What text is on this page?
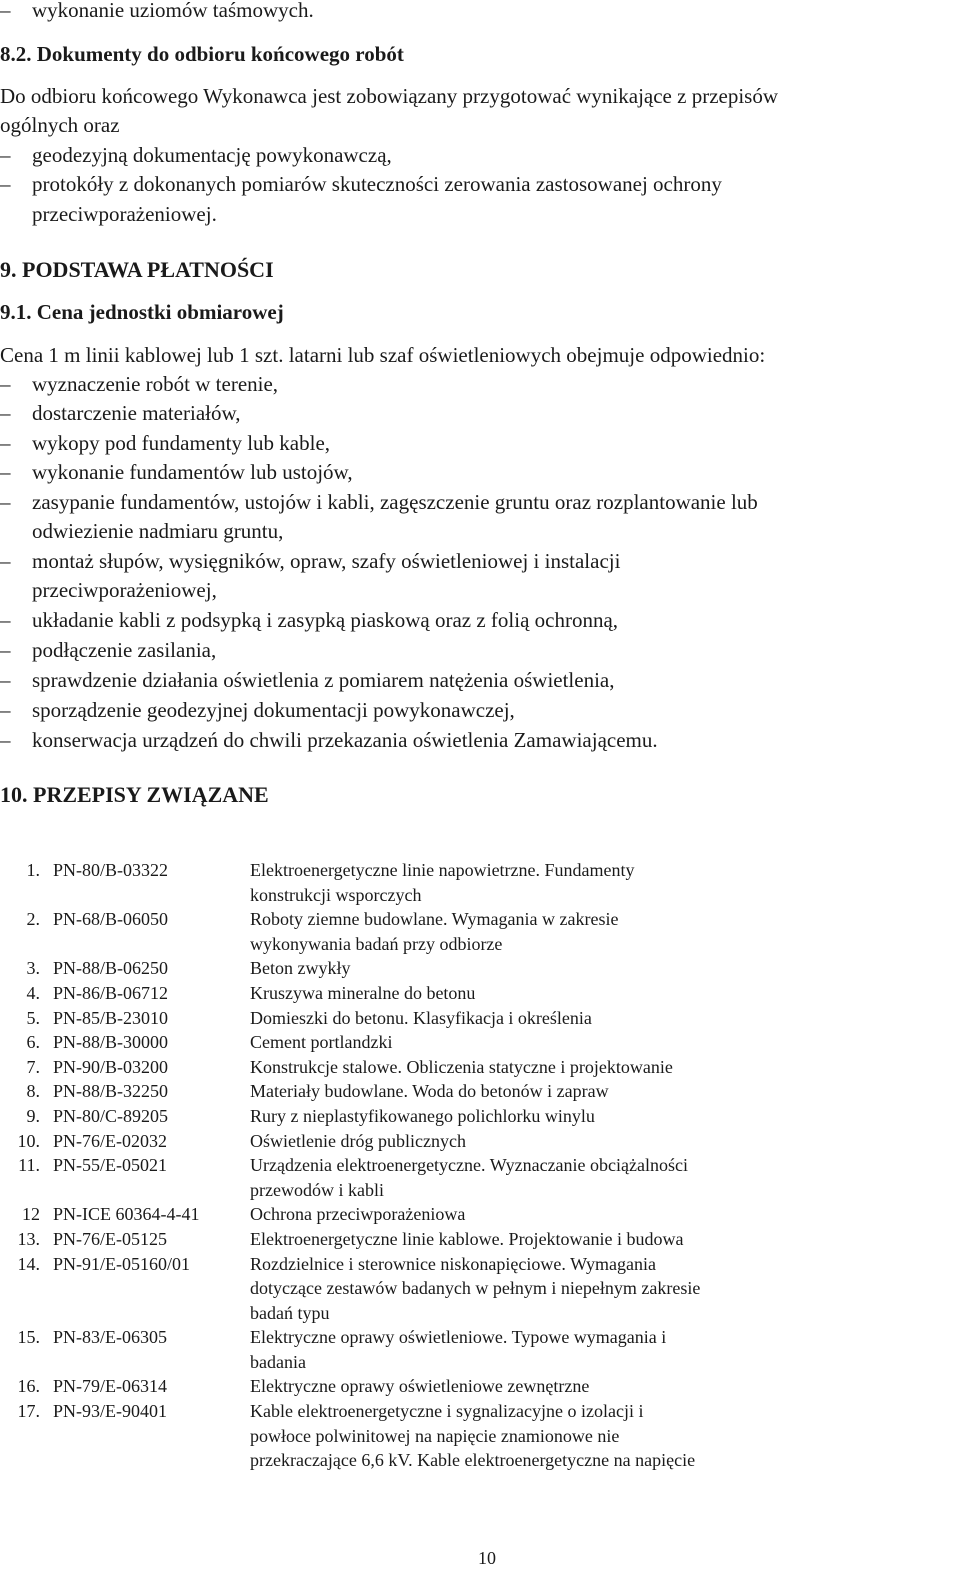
– wykonanie uziomów taśmowych.
8.2. Dokumenty do odbioru końcowego robót
Do odbioru końcowego Wykonawca jest zobowiązany przygotować wynikające z przepisów
ogólnych oraz
– geodezyjną dokumentację powykonawczą,
– protokóły z dokonanych pomiarów skuteczności zerowania zastosowanej ochrony
przeciwporażeniowej.
9. PODSTAWA PŁATNOŚCI
9.1. Cena jednostki obmiarowej
Cena 1 m linii kablowej lub 1 szt. latarni lub szaf oświetleniowych obejmuje odpowiednio:
– wyznaczenie robót w terenie,
– dostarczenie materiałów,
– wykopy pod fundamenty lub kable,
– wykonanie fundamentów lub ustojów,
– zasypanie fundamentów, ustojów i kabli, zagęszczenie gruntu oraz rozplantowanie lub
odwiezienie nadmiaru gruntu,
– montaż słupów, wysięgników, opraw, szafy oświetleniowej i instalacji
przeciwporażeniowej,
– układanie kabli z podsypką i zasypką piaskową oraz z folią ochronną,
– podłączenie zasilania,
– sprawdzenie działania oświetlenia z pomiarem natężenia oświetlenia,
– sporządzenie geodezyjnej dokumentacji powykonawczej,
– konserwacja urządzeń do chwili przekazania oświetlenia Zamawiającemu.
10. PRZEPISY ZWIĄZANE
1. PN-80/B-03322	Elektroenergetyczne linie napowietrzne. Fundamenty
konstrukcji wsporczych
2. PN-68/B-06050	Roboty ziemne budowlane. Wymagania w zakresie
wykonywania badań przy odbiorze
3. PN-88/B-06250	Beton zwykły
4. PN-86/B-06712	Kruszywa mineralne do betonu
5. PN-85/B-23010	Domieszki do betonu. Klasyfikacja i określenia
6. PN-88/B-30000	Cement portlandzki
7. PN-90/B-03200	Konstrukcje stalowe. Obliczenia statyczne i projektowanie
8. PN-88/B-32250	Materiały budowlane. Woda do betonów i zapraw
9. PN-80/C-89205	Rury z nieplastyfikowanego polichlorku winylu
10. PN-76/E-02032	Oświetlenie dróg publicznych
11. PN-55/E-05021	Urządzenia elektroenergetyczne. Wyznaczanie obciążalności
przewodów i kabli
12 PN-ICE 60364-4-41	Ochrona przeciwporażeniowa
13. PN-76/E-05125	Elektroenergetyczne linie kablowe. Projektowanie i budowa
14. PN-91/E-05160/01	Rozdzielnice i sterownice niskonapięciowe. Wymagania
dotyczące zestawów badanych w pełnym i niepełnym zakresie
badań typu
15. PN-83/E-06305	Elektryczne oprawy oświetleniowe. Typowe wymagania i
badania
16. PN-79/E-06314	Elektryczne oprawy oświetleniowe zewnętrzne
17. PN-93/E-90401	Kable elektroenergetyczne i sygnalizacyjne o izolacji i
powłoce polwinitowej na napięcie znamionowe nie
przekraczające 6,6 kV. Kable elektroenergetyczne na napięcie
10
